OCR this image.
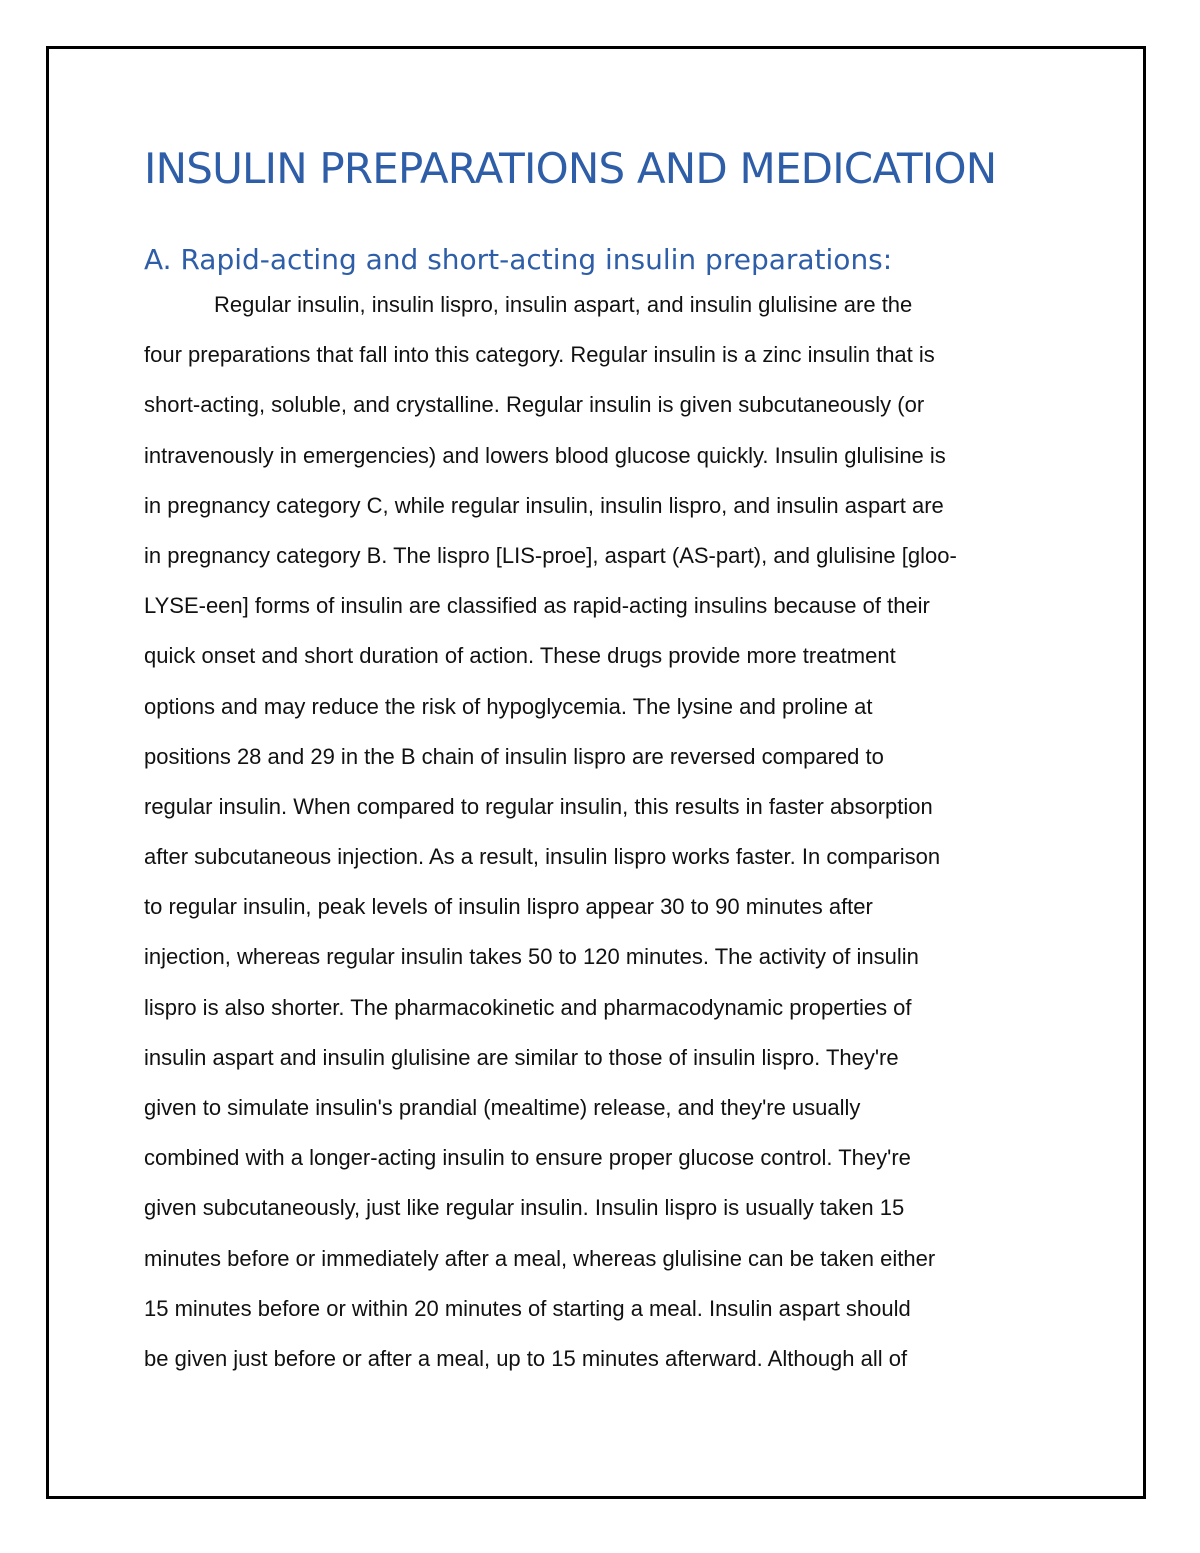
INSULIN PREPARATIONS AND MEDICATION
A. Rapid-acting and short-acting insulin preparations:

Regular insulin, insulin lispro, insulin aspart, and insulin glulisine are the
four preparations that fall into this category. Regular insulin is a zinc insulin that is
short-acting, soluble, and crystalline. Regular insulin is given subcutaneously (or
intravenously in emergencies) and lowers blood glucose quickly. Insulin glulisine is
in pregnancy category C, while regular insulin, insulin lispro, and insulin aspart are
in pregnancy category B. The lispro [LIS-proe], aspart (AS-part), and glulisine [gloo-
LYSE-een] forms of insulin are classified as rapid-acting insulins because of their
quick onset and short duration of action. These drugs provide more treatment
options and may reduce the risk of hypoglycemia. The lysine and proline at
positions 28 and 29 in the B chain of insulin lispro are reversed compared to
regular insulin. When compared to regular insulin, this results in faster absorption
after subcutaneous injection. As a result, insulin lispro works faster. In comparison
to regular insulin, peak levels of insulin lispro appear 30 to 90 minutes after
injection, whereas regular insulin takes 50 to 120 minutes. The activity of insulin
lispro is also shorter. The pharmacokinetic and pharmacodynamic properties of
insulin aspart and insulin glulisine are similar to those of insulin lispro. They're
given to simulate insulin's prandial (mealtime) release, and they're usually
combined with a longer-acting insulin to ensure proper glucose control. They're
given subcutaneously, just like regular insulin. Insulin lispro is usually taken 15
minutes before or immediately after a meal, whereas glulisine can be taken either
15 minutes before or within 20 minutes of starting a meal. Insulin aspart should
be given just before or after a meal, up to 15 minutes afterward. Although all of
